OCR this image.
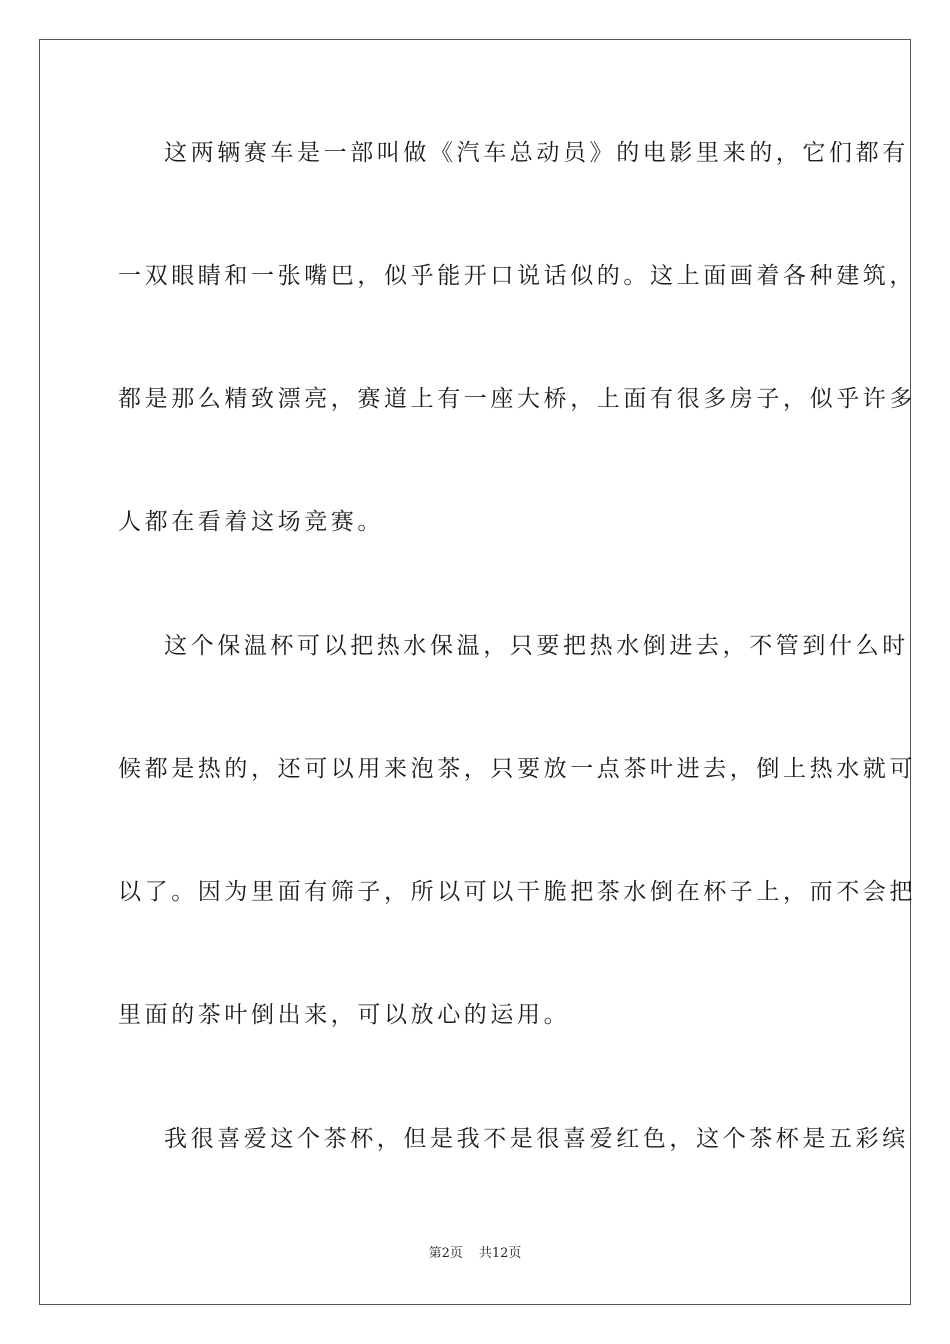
这两辆赛车是一部叫做《汽车总动员》的电影里来的，它们都有
一双眼睛和一张嘴巴，似乎能开口说话似的。这上面画着各种建筑，
都是那么精致漂亮，赛道上有一座大桥，上面有很多房子，似乎许多
人都在看着这场竞赛。
这个保温杯可以把热水保温，只要把热水倒进去，不管到什么时
候都是热的，还可以用来泡茶，只要放一点茶叶进去，倒上热水就可
以了。因为里面有筛子，所以可以干脆把茶水倒在杯子上，而不会把
里面的茶叶倒出来，可以放心的运用。
我很喜爱这个茶杯，但是我不是很喜爱红色，这个茶杯是五彩缤
第2页 共12页
